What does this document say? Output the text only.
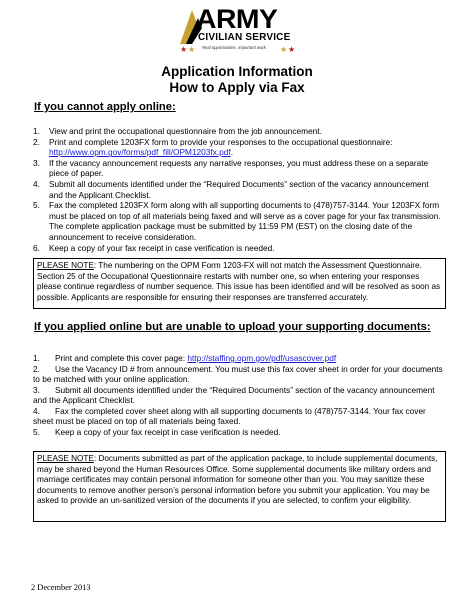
ARMY
CIVILIAN SERVICE
★ ★ Real opportunities. Important work. ★ ★
Application Information
How to Apply via Fax
If you cannot apply online:
1. View and print the occupational questionnaire from the job announcement.
2. Print and complete 1203FX form to provide your responses to the occupational questionnaire: http://www.opm.gov/forms/pdf_fill/OPM1203fx.pdf.
3. If the vacancy announcement requests any narrative responses, you must address these on a separate piece of paper.
4. Submit all documents identified under the “Required Documents” section of the vacancy announcement and the Applicant Checklist.
5. Fax the completed 1203FX form along with all supporting documents to (478)757-3144. Your 1203FX form must be placed on top of all materials being faxed and will serve as a cover page for your fax transmission. The complete application package must be submitted by 11:59 PM (EST) on the closing date of the announcement to receive consideration.
6. Keep a copy of your fax receipt in case verification is needed.
PLEASE NOTE: The numbering on the OPM Form 1203-FX will not match the Assessment Questionnaire. Section 25 of the Occupational Questionnaire restarts with number one, so when entering your responses please continue regardless of number sequence. This issue has been identified and will be resolved as soon as possible. Applicants are responsible for ensuring their responses are transferred accurately.
If you applied online but are unable to upload your supporting documents:

1. Print and complete this cover page: http://staffing.opm.gov/pdf/usascover.pdf

2. Use the Vacancy ID # from announcement. You must use this fax cover sheet in order for your documents to be matched with your online application.

3. Submit all documents identified under the “Required Documents” section of the vacancy announcement and the Applicant Checklist.

4. Fax the completed cover sheet along with all supporting documents to (478)757-3144. Your fax cover sheet must be placed on top of all materials being faxed.

5. Keep a copy of your fax receipt in case verification is needed.

PLEASE NOTE: Documents submitted as part of the application package, to include supplemental documents, may be shared beyond the Human Resources Office. Some supplemental documents like military orders and marriage certificates may contain personal information for someone other than you. You may sanitize these documents to remove another person’s personal information before you submit your application. You may be asked to provide an un-sanitized version of the documents if you are selected, to confirm your eligibility.
2 December 2013
